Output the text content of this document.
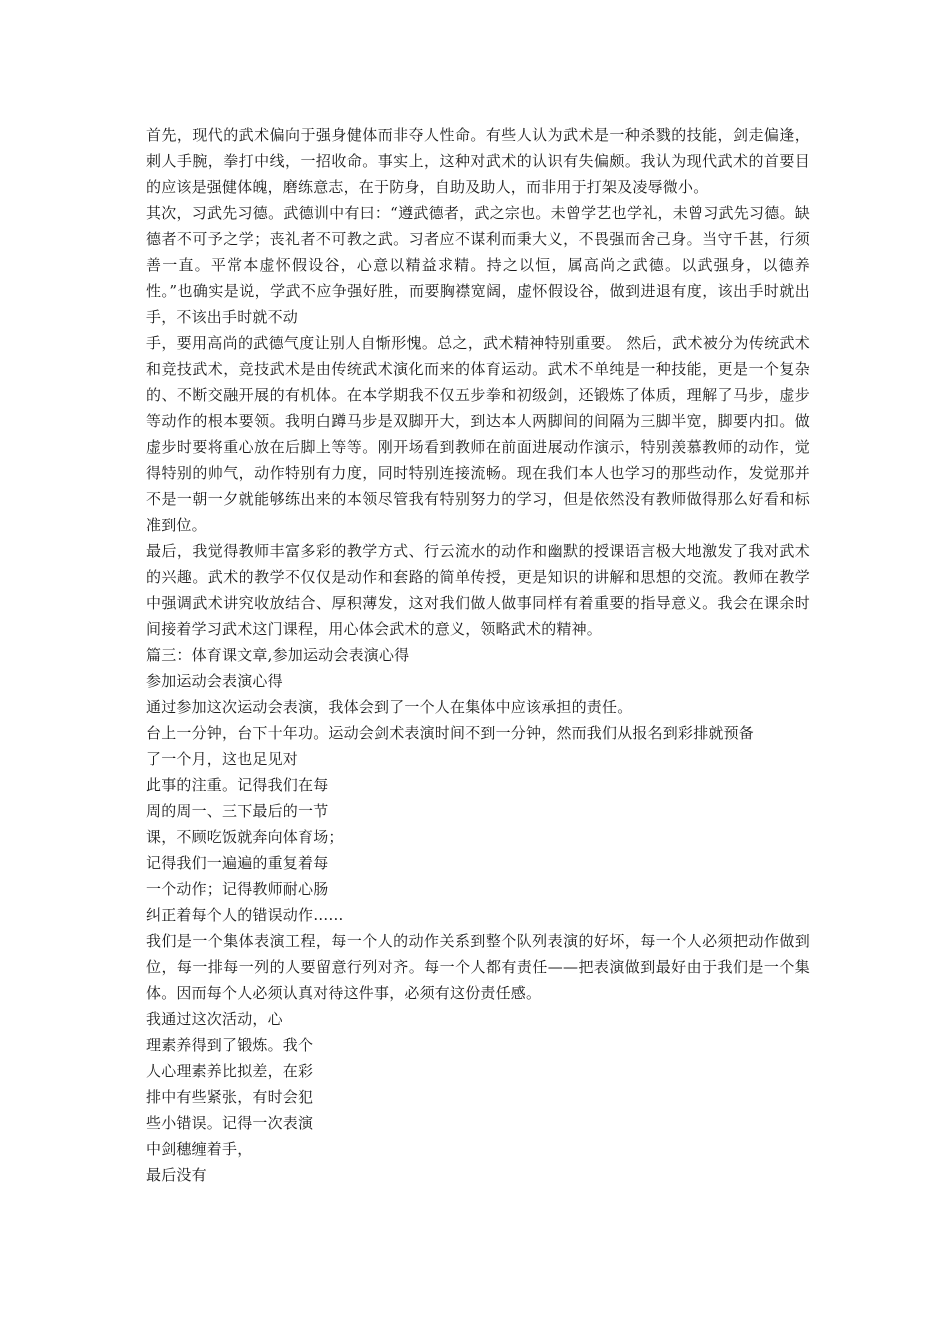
首先，现代的武术偏向于强身健体而非夺人性命。有些人认为武术是一种杀戮的技能，剑走偏逢，刺人手腕，拳打中线，一招收命。事实上，这种对武术的认识有失偏颇。我认为现代武术的首要目的应该是强健体魄，磨练意志，在于防身，自助及助人，而非用于打架及凌辱微小。

其次，习武先习德。武德训中有曰：“遵武德者，武之宗也。未曾学艺也学礼，未曾习武先习德。缺德者不可予之学；丧礼者不可教之武。习者应不谋利而秉大义，不畏强而舍己身。当守千甚，行须善一直。平常本虚怀假设谷，心意以精益求精。持之以恒，属高尚之武德。以武强身，以德养性。”也确实是说，学武不应争强好胜，而要胸襟宽阔，虚怀假设谷，做到进退有度，该出手时就出手，不该出手时就不动

手，要用高尚的武德气度让别人自惭形愧。总之，武术精神特别重要。 然后，武术被分为传统武术和竞技武术，竞技武术是由传统武术演化而来的体育运动。武术不单纯是一种技能，更是一个复杂的、不断交融开展的有机体。在本学期我不仅五步拳和初级剑，还锻炼了体质，理解了马步，虚步等动作的根本要领。我明白蹲马步是双脚开大，到达本人两脚间的间隔为三脚半宽，脚要内扣。做虚步时要将重心放在后脚上等等。刚开场看到教师在前面进展动作演示，特别羡慕教师的动作，觉得特别的帅气，动作特别有力度，同时特别连接流畅。现在我们本人也学习的那些动作，发觉那并不是一朝一夕就能够练出来的本领尽管我有特别努力的学习，但是依然没有教师做得那么好看和标准到位。

最后，我觉得教师丰富多彩的教学方式、行云流水的动作和幽默的授课语言极大地激发了我对武术的兴趣。武术的教学不仅仅是动作和套路的简单传授，更是知识的讲解和思想的交流。教师在教学中强调武术讲究收放结合、厚积薄发，这对我们做人做事同样有着重要的指导意义。我会在课余时间接着学习武术这门课程，用心体会武术的意义，领略武术的精神。

篇三：体育课文章,参加运动会表演心得

参加运动会表演心得

通过参加这次运动会表演，我体会到了一个人在集体中应该承担的责任。

台上一分钟，台下十年功。运动会剑术表演时间不到一分钟，然而我们从报名到彩排就预备

了一个月，这也足见对

此事的注重。记得我们在每

周的周一、三下最后的一节

课，不顾吃饭就奔向体育场；

记得我们一遍遍的重复着每

一个动作；记得教师耐心肠

纠正着每个人的错误动作……

我们是一个集体表演工程，每一个人的动作关系到整个队列表演的好坏，每一个人必须把动作做到位，每一排每一列的人要留意行列对齐。每一个人都有责任——把表演做到最好由于我们是一个集体。因而每个人必须认真对待这件事，必须有这份责任感。

我通过这次活动，心

理素养得到了锻炼。我个

人心理素养比拟差，在彩

排中有些紧张，有时会犯

些小错误。记得一次表演

中剑穗缠着手，

最后没有
